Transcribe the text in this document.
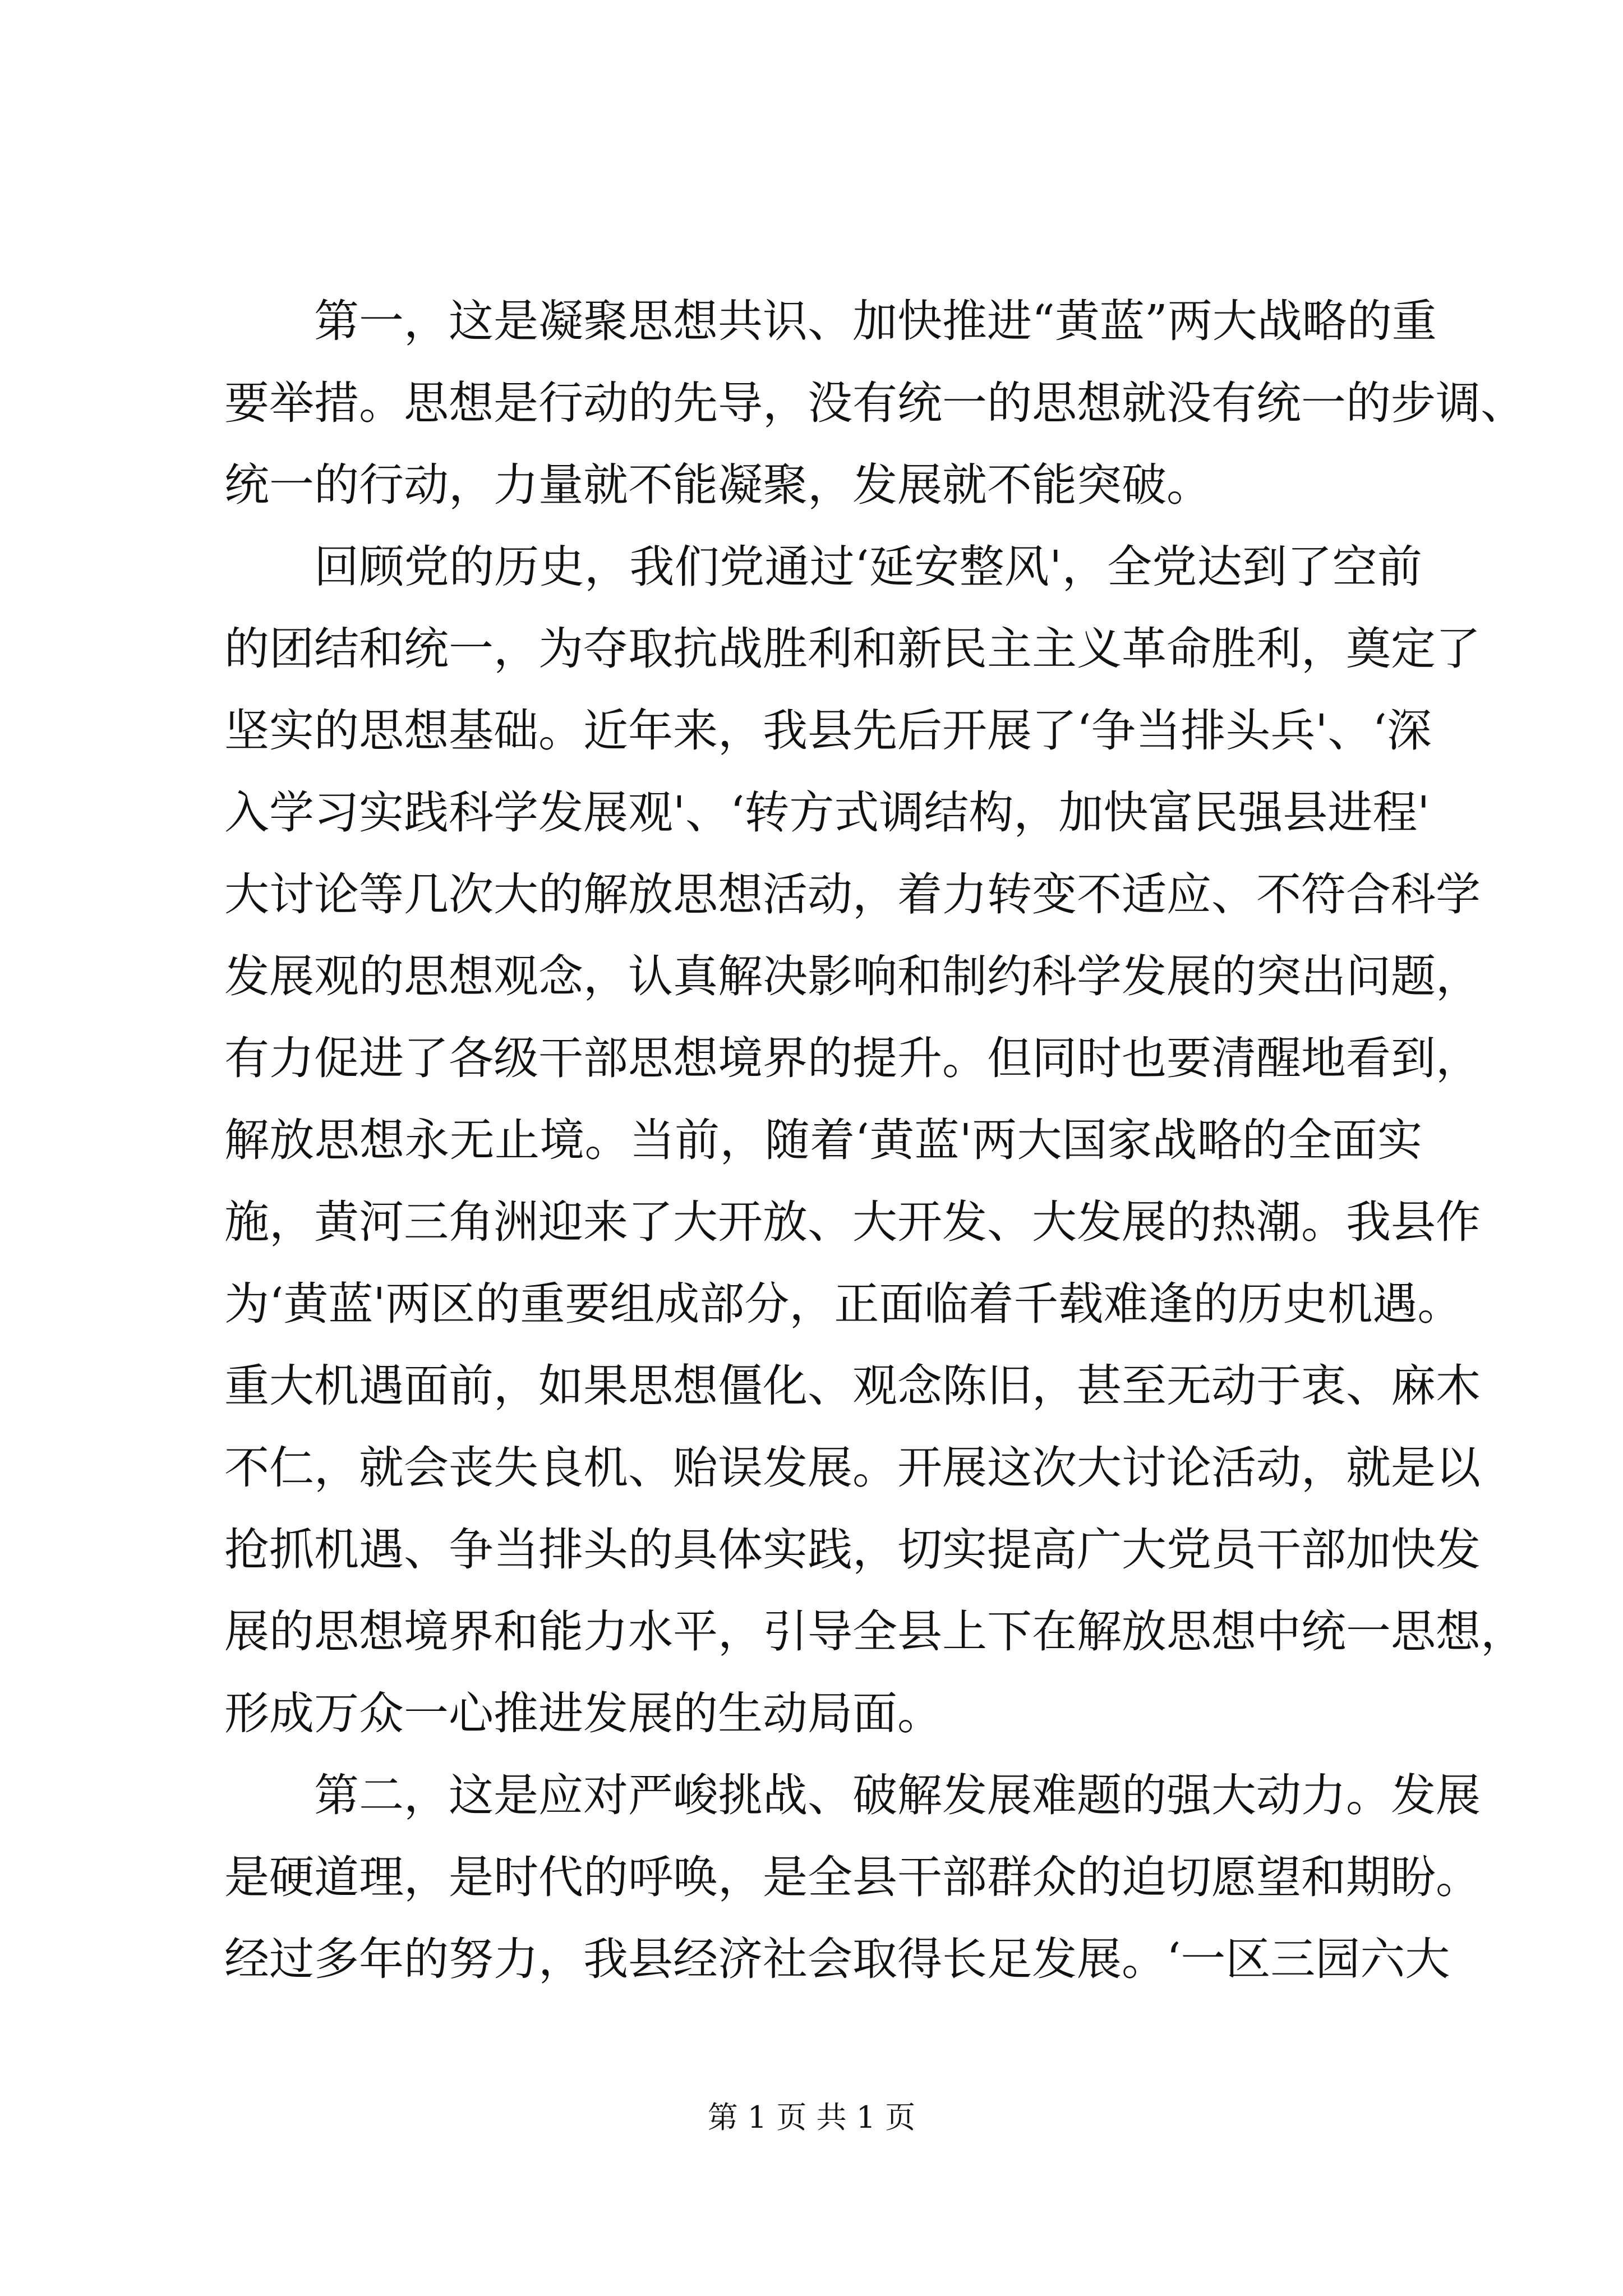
第一，这是凝聚思想共识、加快推进“黄蓝”两大战略的重
要举措。思想是行动的先导，没有统一的思想就没有统一的步调、
统一的行动，力量就不能凝聚，发展就不能突破。
回顾党的历史，我们党通过‘延安整风'，全党达到了空前
的团结和统一，为夺取抗战胜利和新民主主义革命胜利，奠定了
坚实的思想基础。近年来，我县先后开展了‘争当排头兵'、‘深
入学习实践科学发展观'、‘转方式调结构，加快富民强县进程'
大讨论等几次大的解放思想活动，着力转变不适应、不符合科学
发展观的思想观念，认真解决影响和制约科学发展的突出问题，
有力促进了各级干部思想境界的提升。但同时也要清醒地看到，
解放思想永无止境。当前，随着‘黄蓝'两大国家战略的全面实
施，黄河三角洲迎来了大开放、大开发、大发展的热潮。我县作
为‘黄蓝'两区的重要组成部分，正面临着千载难逢的历史机遇。
重大机遇面前，如果思想僵化、观念陈旧，甚至无动于衷、麻木
不仁，就会丧失良机、贻误发展。开展这次大讨论活动，就是以
抢抓机遇、争当排头的具体实践，切实提高广大党员干部加快发
展的思想境界和能力水平，引导全县上下在解放思想中统一思想，
形成万众一心推进发展的生动局面。
第二，这是应对严峻挑战、破解发展难题的强大动力。发展
是硬道理，是时代的呼唤，是全县干部群众的迫切愿望和期盼。
经过多年的努力，我县经济社会取得长足发展。‘一区三园六大
第 1 页 共 1 页
